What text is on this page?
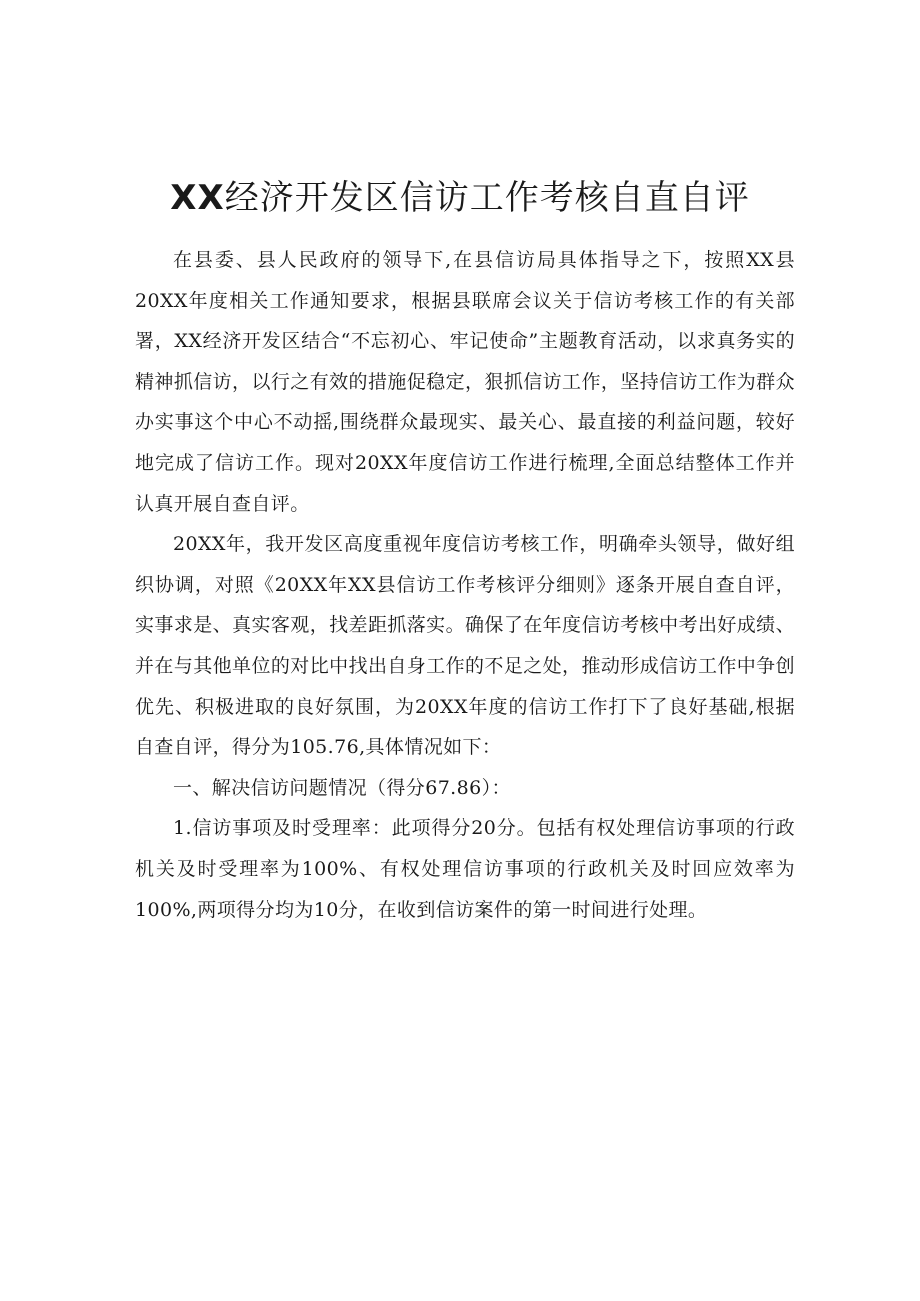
XX经济开发区信访工作考核自直自评

在县委、县人民政府的领导下,在县信访局具体指导之下，按照XX县20XX年度相关工作通知要求，根据县联席会议关于信访考核工作的有关部署，XX经济开发区结合“不忘初心、牢记使命”主题教育活动，以求真务实的精神抓信访，以行之有效的措施促稳定，狠抓信访工作，坚持信访工作为群众办实事这个中心不动摇,围绕群众最现实、最关心、最直接的利益问题，较好地完成了信访工作。现对20XX年度信访工作进行梳理,全面总结整体工作并认真开展自查自评。

20XX年，我开发区高度重视年度信访考核工作，明确牵头领导，做好组织协调，对照《20XX年XX县信访工作考核评分细则》逐条开展自查自评，实事求是、真实客观，找差距抓落实。确保了在年度信访考核中考出好成绩、并在与其他单位的对比中找出自身工作的不足之处，推动形成信访工作中争创优先、积极进取的良好氛围，为20XX年度的信访工作打下了良好基础,根据自查自评，得分为105.76,具体情况如下：

一、解决信访问题情况（得分67.86）：

1.信访事项及时受理率：此项得分20分。包括有权处理信访事项的行政机关及时受理率为100%、有权处理信访事项的行政机关及时回应效率为100%,两项得分均为10分，在收到信访案件的第一时间进行处理。
